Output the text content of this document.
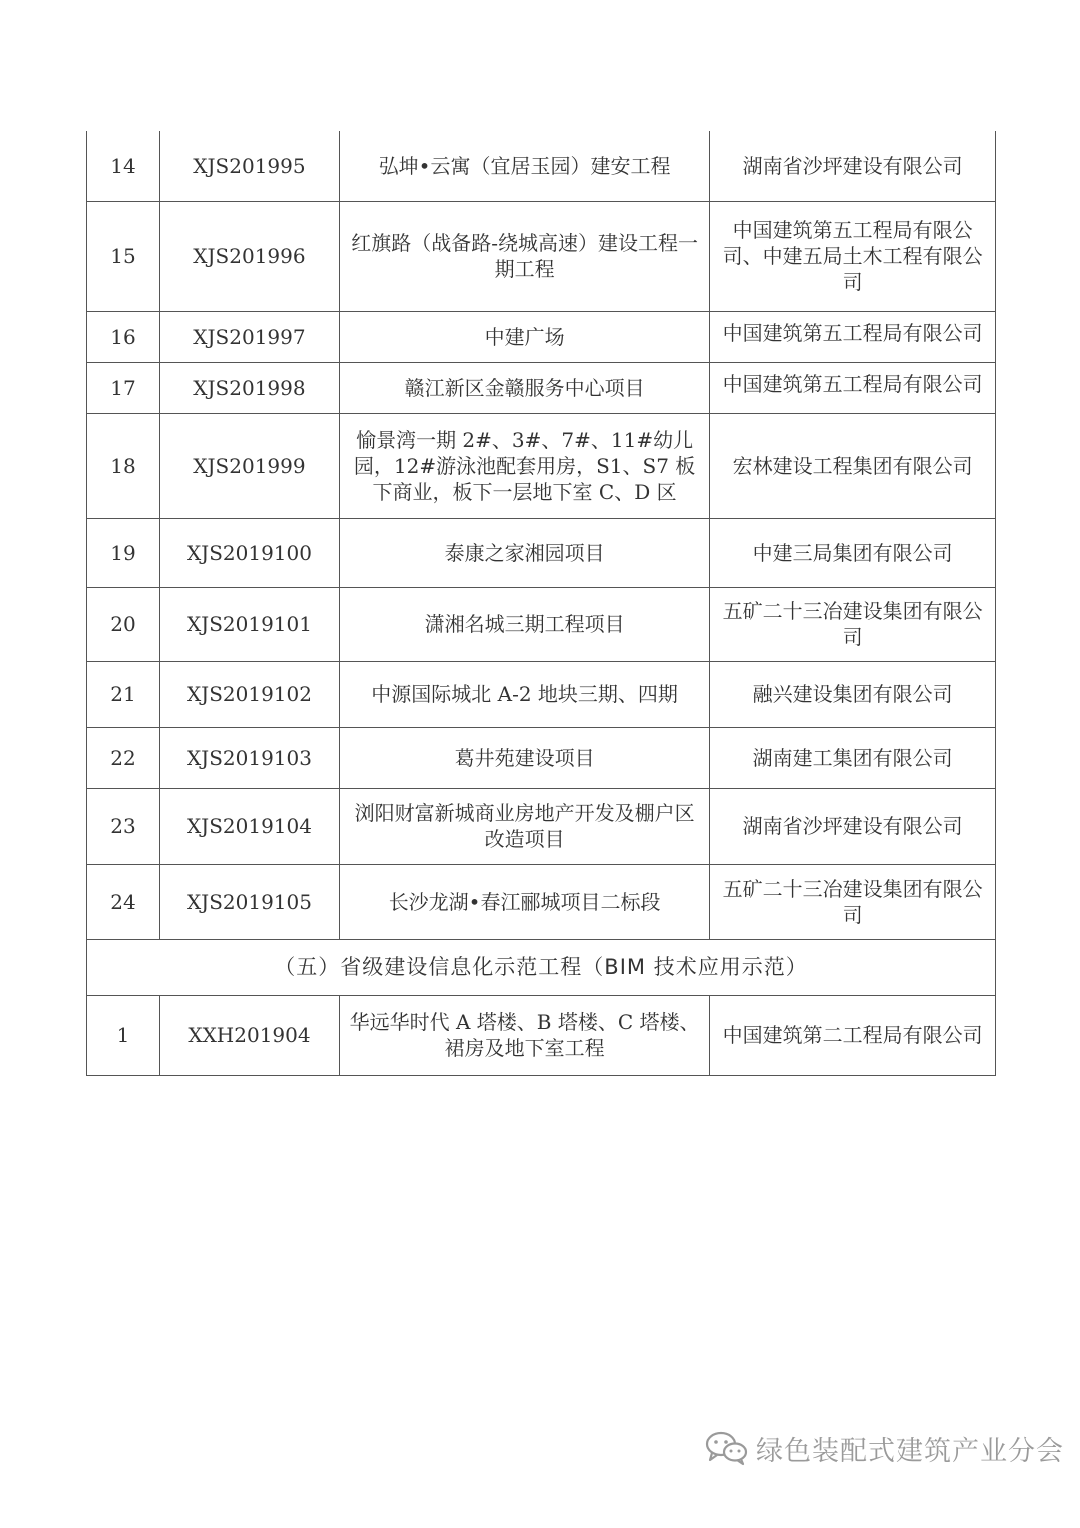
14	XJS201995	弘坤•云寓（宜居玉园）建安工程	湖南省沙坪建设有限公司
15	XJS201996	红旗路（战备路-绕城高速）建设工程一期工程	中国建筑第五工程局有限公司、中建五局土木工程有限公司
16	XJS201997	中建广场	中国建筑第五工程局有限公司

17	XJS201998	赣江新区金赣服务中心项目	中国建筑第五工程局有限公司

18	XJS201999	愉景湾一期 2#、3#、7#、11#幼儿园，12#游泳池配套用房，S1、S7 板下商业，板下一层地下室 C、D 区	宏林建设工程集团有限公司
19	XJS2019100	泰康之家湘园项目	中建三局集团有限公司
20	XJS2019101	潇湘名城三期工程项目	五矿二十三冶建设集团有限公司
21	XJS2019102	中源国际城北 A-2 地块三期、四期	融兴建设集团有限公司
22	XJS2019103	葛井苑建设项目	湖南建工集团有限公司
23	XJS2019104	浏阳财富新城商业房地产开发及棚户区改造项目	湖南省沙坪建设有限公司
24	XJS2019105	长沙龙湖•春江郦城项目二标段	五矿二十三冶建设集团有限公司
（五）省级建设信息化示范工程（BIM 技术应用示范）			
1	XXH201904	华远华时代 A 塔楼、B 塔楼、C 塔楼、裙房及地下室工程	中国建筑第二工程局有限公司
绿色装配式建筑产业分会
